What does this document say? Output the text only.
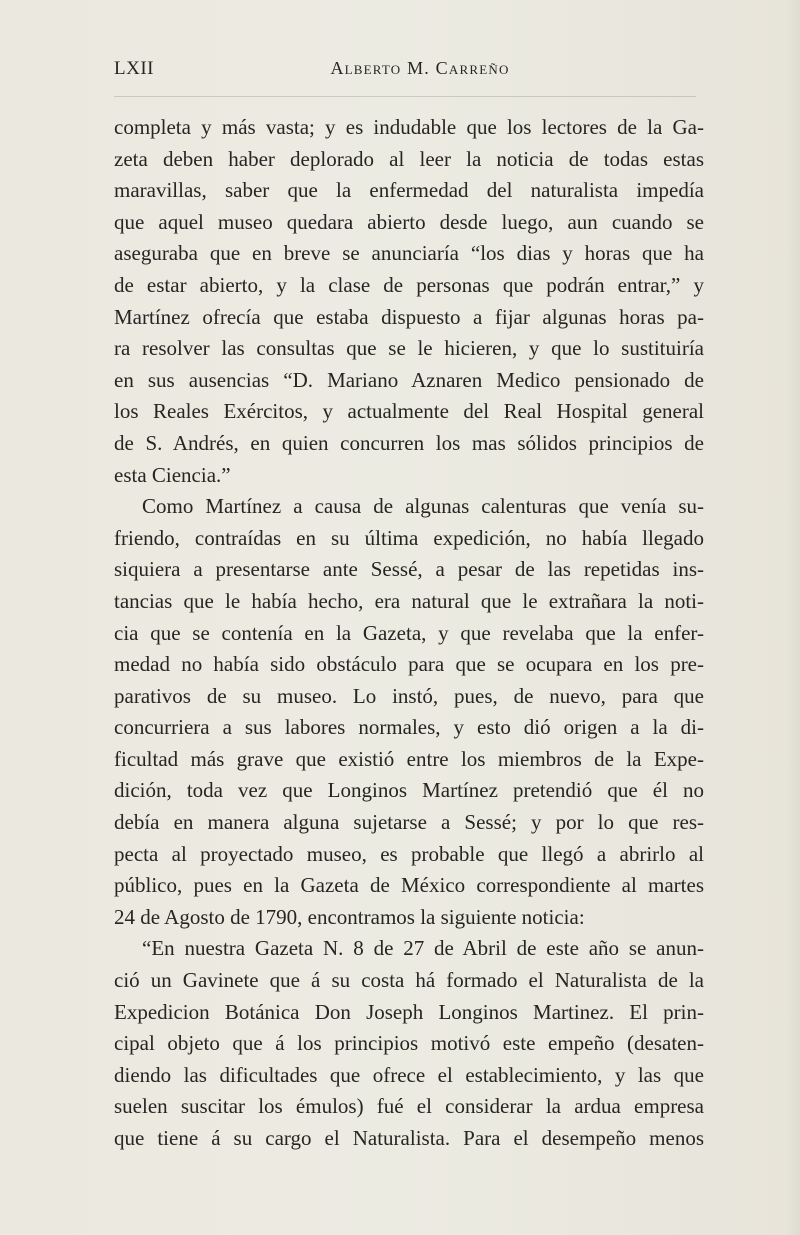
LXII	Alberto M. Carreño
completa y más vasta; y es indudable que los lectores de la Ga-
zeta deben haber deplorado al leer la noticia de todas estas
maravillas, saber que la enfermedad del naturalista impedía
que aquel museo quedara abierto desde luego, aun cuando se
aseguraba que en breve se anunciaría “los dias y horas que ha
de estar abierto, y la clase de personas que podrán entrar,” y
Martínez ofrecía que estaba dispuesto a fijar algunas horas pa-
ra resolver las consultas que se le hicieren, y que lo sustituiría
en sus ausencias “D. Mariano Aznaren Medico pensionado de
los Reales Exércitos, y actualmente del Real Hospital general
de S. Andrés, en quien concurren los mas sólidos principios de
esta Ciencia.”
Como Martínez a causa de algunas calenturas que venía su-
friendo, contraídas en su última expedición, no había llegado
siquiera a presentarse ante Sessé, a pesar de las repetidas ins-
tancias que le había hecho, era natural que le extrañara la noti-
cia que se contenía en la Gazeta, y que revelaba que la enfer-
medad no había sido obstáculo para que se ocupara en los pre-
parativos de su museo. Lo instó, pues, de nuevo, para que
concurriera a sus labores normales, y esto dió origen a la di-
ficultad más grave que existió entre los miembros de la Expe-
dición, toda vez que Longinos Martínez pretendió que él no
debía en manera alguna sujetarse a Sessé; y por lo que res-
pecta al proyectado museo, es probable que llegó a abrirlo al
público, pues en la Gazeta de México correspondiente al martes
24 de Agosto de 1790, encontramos la siguiente noticia:
“En nuestra Gazeta N. 8 de 27 de Abril de este año se anun-
ció un Gavinete que á su costa há formado el Naturalista de la
Expedicion Botánica Don Joseph Longinos Martinez. El prin-
cipal objeto que á los principios motivó este empeño (desaten-
diendo las dificultades que ofrece el establecimiento, y las que
suelen suscitar los émulos) fué el considerar la ardua empresa
que tiene á su cargo el Naturalista. Para el desempeño menos
